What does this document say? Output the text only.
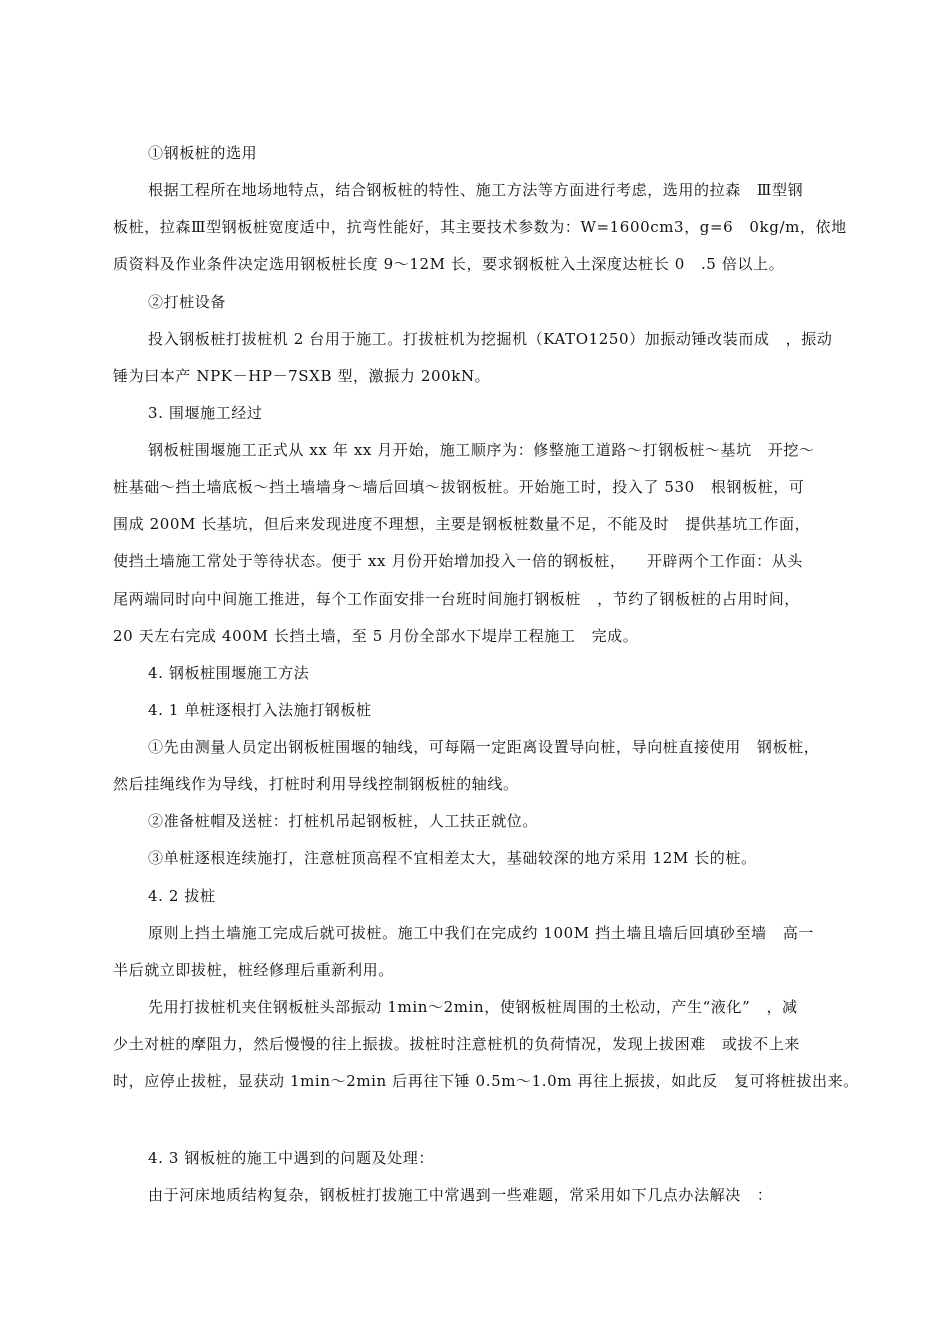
①钢板桩的选用
根据工程所在地场地特点，结合钢板桩的特性、施工方法等方面进行考虑，选用的拉森   Ⅲ型钢
板桩，拉森Ⅲ型钢板桩宽度适中，抗弯性能好，其主要技术参数为：W=1600cm3，g=6   0kg/m，依地
质资料及作业条件决定选用钢板桩长度 9～12M 长，要求钢板桩入土深度达桩长 0   .5 倍以上。
②打桩设备
投入钢板桩打拔桩机 2 台用于施工。打拔桩机为挖掘机（KATO1250）加振动锤改装而成   ，振动
锤为曰本产 NPK－HP－7SXB 型，激振力 200kN。
3. 围堰施工经过
钢板桩围堰施工正式从 xx 年 xx 月开始，施工顺序为：修整施工道路～打钢板桩～基坑   开挖～
桩基础～挡土墙底板～挡土墙墙身～墙后回填～拔钢板桩。开始施工时，投入了 530   根钢板桩，可
围成 200M 长基坑，但后来发现进度不理想，主要是钢板桩数量不足，不能及时   提供基坑工作面，
使挡土墙施工常处于等待状态。便于 xx 月份开始增加投入一倍的钢板桩，    开辟两个工作面：从头
尾两端同时向中间施工推进，每个工作面安排一台班时间施打钢板桩   ，节约了钢板桩的占用时间，
20 天左右完成 400M 长挡土墙，至 5 月份全部水下堤岸工程施工   完成。
4. 钢板桩围堰施工方法
4. 1 单桩逐根打入法施打钢板桩
①先由测量人员定出钢板桩围堰的轴线，可每隔一定距离设置导向桩，导向桩直接使用   钢板桩，
然后挂绳线作为导线，打桩时利用导线控制钢板桩的轴线。
②准备桩帽及送桩：打桩机吊起钢板桩，人工扶正就位。
③单桩逐根连续施打，注意桩顶高程不宜相差太大，基础较深的地方采用 12M 长的桩。
4. 2 拔桩
原则上挡土墙施工完成后就可拔桩。施工中我们在完成约 100M 挡土墙且墙后回填砂至墙   高一
半后就立即拔桩，桩经修理后重新利用。
先用打拔桩机夹住钢板桩头部振动 1min～2min，使钢板桩周围的土松动，产生“液化”   ，减
少土对桩的摩阻力，然后慢慢的往上振拔。拔桩时注意桩机的负荷情况，发现上拔困难   或拔不上来
时，应停止拔桩，显获动 1min～2min 后再往下锤 0.5m～1.0m 再往上振拔，如此反   复可将桩拔出来。
4. 3 钢板桩的施工中遇到的问题及处理：
由于河床地质结构复杂，钢板桩打拔施工中常遇到一些难题，常采用如下几点办法解决   ：
